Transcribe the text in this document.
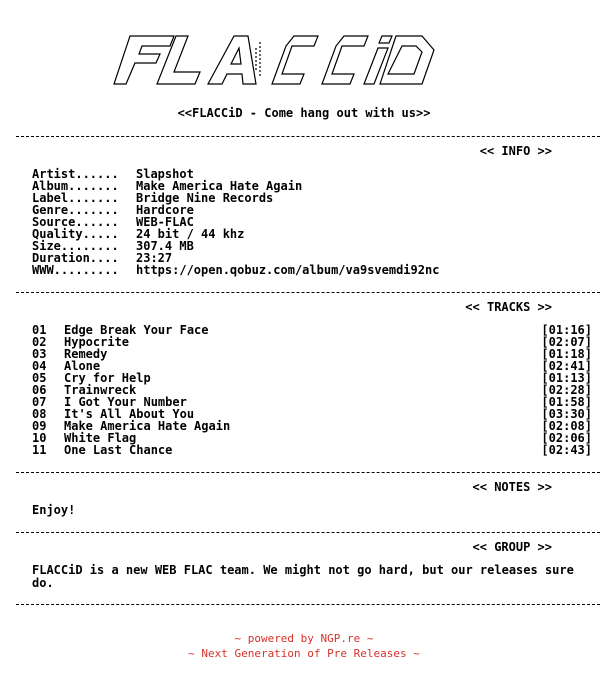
<<FLACCiD - Come hang out with us>>
<< INFO >>
Artist...... Slapshot
Album....... Make America Hate Again
Label....... Bridge Nine Records
Genre....... Hardcore
Source...... WEB-FLAC
Quality..... 24 bit / 44 khz
Size........ 307.4 MB
Duration.... 23:27
WWW......... https://open.qobuz.com/album/va9svemdi92nc
<< TRACKS >>
01 Edge Break Your Face	[01:16]
02 Hypocrite	[02:07]
03 Remedy	[01:18]
04 Alone	[02:41]
05 Cry for Help	[01:13]
06 Trainwreck	[02:28]
07 I Got Your Number	[01:58]
08 It's All About You	[03:30]
09 Make America Hate Again	[02:08]
10 White Flag	[02:06]
11 One Last Chance	[02:43]
<< NOTES >>
Enjoy!
<< GROUP >>
FLACCiD is a new WEB FLAC team. We might not go hard, but our releases sure do.
~ powered by NGP.re ~
~ Next Generation of Pre Releases ~
